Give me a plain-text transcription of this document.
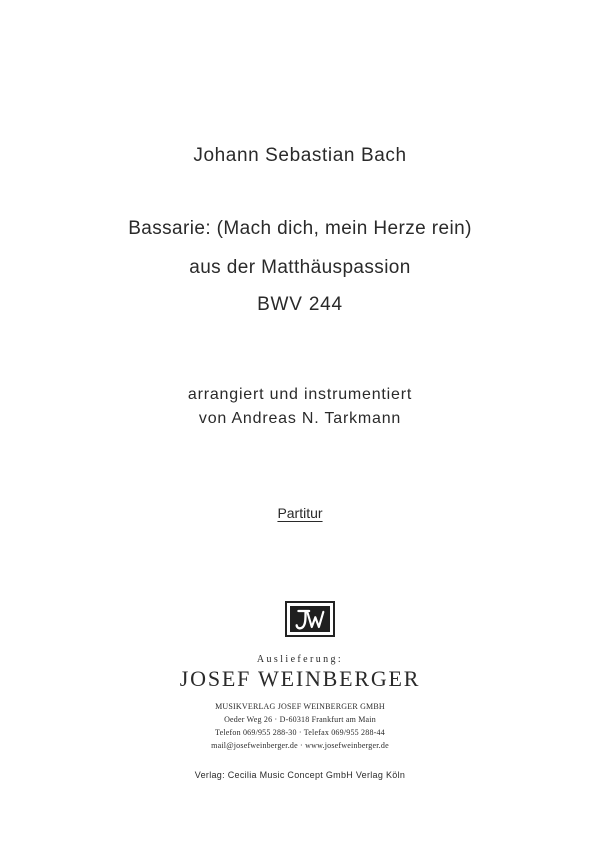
Johann Sebastian Bach
Bassarie: (Mach dich, mein Herze rein)
aus der Matthäuspassion
BWV 244
arrangiert und instrumentiert
von Andreas N. Tarkmann
Partitur
Auslieferung:
JOSEF WEINBERGER
MUSIKVERLAG JOSEF WEINBERGER GMBH
Oeder Weg 26 · D-60318 Frankfurt am Main
Telefon 069/955 288-30 · Telefax 069/955 288-44
mail@josefweinberger.de · www.josefweinberger.de
Verlag: Cecilia Music Concept GmbH Verlag Köln
